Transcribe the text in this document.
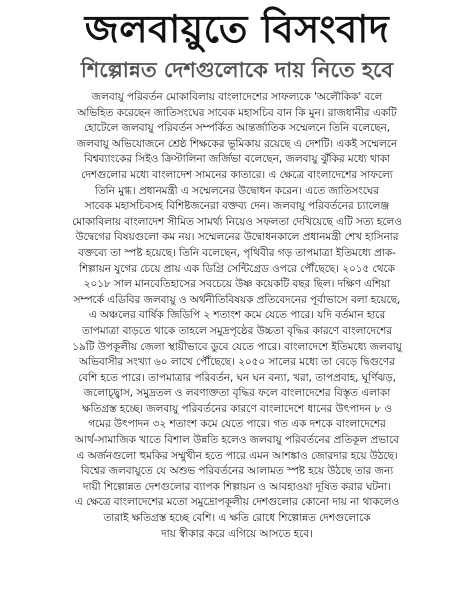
জলবায়ুতে বিসংবাদ
শিল্পোন্নত দেশগুলোকে দায় নিতে হবে
জলবায়ু পরিবর্তন মোকাবিলায় বাংলাদেশের সাফল্যকে 'অলৌকিক' বলে
অভিহিত করেছেন জাতিসংঘের সাবেক মহাসচিব বান কি মুন। রাজধানীর একটি
হোটেলে জলবায়ু পরিবর্তন সম্পর্কিত আন্তর্জাতিক সম্মেলনে তিনি বলেছেন,
জলবায়ু অভিযোজনে শ্রেষ্ঠ শিক্ষকের ভূমিকায় রয়েছে এ দেশটি। একই সম্মেলনে
বিশ্বব্যাংকের সিইও ক্রিস্টালিনা জর্জিভা বলেছেন, জলবায়ু ঝুঁকির মধ্যে থাকা
দেশগুলোর মধ্যে বাংলাদেশ সামনের কাতারে। এ ক্ষেত্রে বাংলাদেশের সাফল্যে
তিনি মুগ্ধ। প্রধানমন্ত্রী এ সম্মেলনের উদ্বোধন করেন। এতে জাতিসংঘের
সাবেক মহাসচিবসহ বিশিষ্টজনেরা বক্তব্য দেন। জলবায়ু পরিবর্তনের চ্যালেঞ্জ
মোকাবিলায় বাংলাদেশ সীমিত সামর্থ্য নিয়েও সফলতা দেখিয়েছে এটি সত্য হলেও
উদ্বেগের বিষয়গুলো কম নয়। সম্মেলনের উদ্বোধনকালে প্রধানমন্ত্রী শেখ হাসিনার
বক্তব্যে তা স্পষ্ট হয়েছে। তিনি বলেছেন, পৃথিবীর গড় তাপমাত্রা ইতিমধ্যে প্রাক-
শিল্পায়ন যুগের চেয়ে প্রায় এক ডিগ্রি সেন্টিগ্রেড ওপরে পৌঁছেছে। ২০১৫ থেকে
২০১৮ সাল মানবেতিহাসের সবচেয়ে উষ্ণ কয়েকটি বছর ছিল। দক্ষিণ এশিয়া
সম্পর্কে এডিবির জলবায়ু ও অর্থনীতিবিষয়ক প্রতিবেদনের পূর্বাভাসে বলা হয়েছে,
এ অঞ্চলের বার্ষিক জিডিপি ২ শতাংশ কমে যেতে পারে। যদি বর্তমান হারে
তাপমাত্রা বাড়তে থাকে তাহলে সমুদ্রপৃষ্ঠের উচ্চতা বৃদ্ধির কারণে বাংলাদেশের
১৯টি উপকূলীয় জেলা স্থায়ীভাবে ডুবে যেতে পারে। বাংলাদেশে ইতিমধ্যে জলবায়ু
অভিবাসীর সংখ্যা ৬০ লাখে পৌঁছেছে। ২০৫০ সালের মধ্যে তা বেড়ে দ্বিগুণের
বেশি হতে পারে। তাপমাত্রার পরিবর্তন, ঘন ঘন বন্যা, খরা, তাপপ্রবাহ, ঘূর্ণিঝড়,
জলোচ্ছ্বাস, সমুদ্রতল ও লবণাক্ততা বৃদ্ধির ফলে বাংলাদেশের বিস্তৃত এলাকা
ক্ষতিগ্রস্ত হচ্ছে। জলবায়ু পরিবর্তনের কারণে বাংলাদেশে ধানের উৎপাদন ৮ ও
গমের উৎপাদন ৩২ শতাংশ কমে যেতে পারে। গত এক দশকে বাংলাদেশের
আর্থ-সামাজিক খাতে বিশাল উন্নতি হলেও জলবায়ু পরিবর্তনের প্রতিকূল প্রভাবে
এ অর্জনগুলো হুমকির সম্মুখীন হতে পারে এমন আশঙ্কাও জোরদার হয়ে উঠছে।
বিশ্বের জলবায়ুতে যে অশুভ পরিবর্তনের আলামত স্পষ্ট হয়ে উঠছে তার জন্য
দায়ী শিল্পোন্নত দেশগুলোর ব্যাপক শিল্পায়ন ও আবহাওয়া দূষিত করার ঘটনা।
এ ক্ষেত্রে বাংলাদেশের মতো সমুদ্রোপকূলীয় দেশগুলোর কোনো দায় না থাকলেও
তারাই ক্ষতিগ্রস্ত হচ্ছে বেশি। এ ক্ষতি রোধে শিল্পোন্নত দেশগুলোকে
দায় স্বীকার করে এগিয়ে আসতে হবে।
